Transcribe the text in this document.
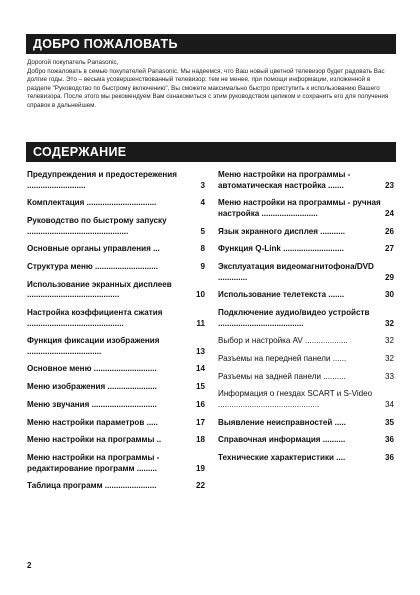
ДОБРО ПОЖАЛОВАТЬ

Дорогой покупатель Panasonic,

Добро пожаловать в семью покупателей Panasonic. Мы надеемся, что Ваш новый цветной телевизор будет радовать Вас долгие годы. Это – весьма усовершенствованный телевизор; тем не менее, при помощи информации, изложенной в разделе "Руководство по быстрому включению", Вы сможете максимально быстро приступить к использованию Вашего телевизора. После этого мы рекомендуем Вам ознакомиться с этим руководством целиком и сохранить его для получения справок в дальнейшем.

СОДЕРЖАНИЕ
Предупреждения и предостережения ..........................	3
Комплектация ...............................	4
Руководство по быстрому запуску .............................................	5
Основные органы управления ...	8
Структура меню ............................	9
Использование экранных дисплеев .........................................	10
Настройка коэффициента сжатия ...........................................	11
Функция фиксации изображения .................................	13
Основное меню ............................	14
Меню изображения ......................	15
Меню звучания .............................	16
Меню настройки параметров .....	17
Меню настройки на программы ..	18
Меню настройки на программы - редактирование программ .........	19
Таблица программ .......................	22
Меню настройки на программы - автоматическая настройка .......	23
Меню настройки на программы - ручная настройка .........................	24
Язык экранного дисплея ...........	26
Функция Q-Link ...........................	27
Эксплуатация видеомагнитофона/DVD .............	29
Использование телетекста .......	30
Подключение аудио/видео устройств ......................................	32
Выбор и настройка AV ...................	32
Разъемы на передней панели ......	32
Разъемы на задней панели ..........	33
Информация о гнездах SCART и S-Video .............................................	34
Выявление неисправностей .....	35
Справочная информация ..........	36
Технические характеристики ....	36
2
